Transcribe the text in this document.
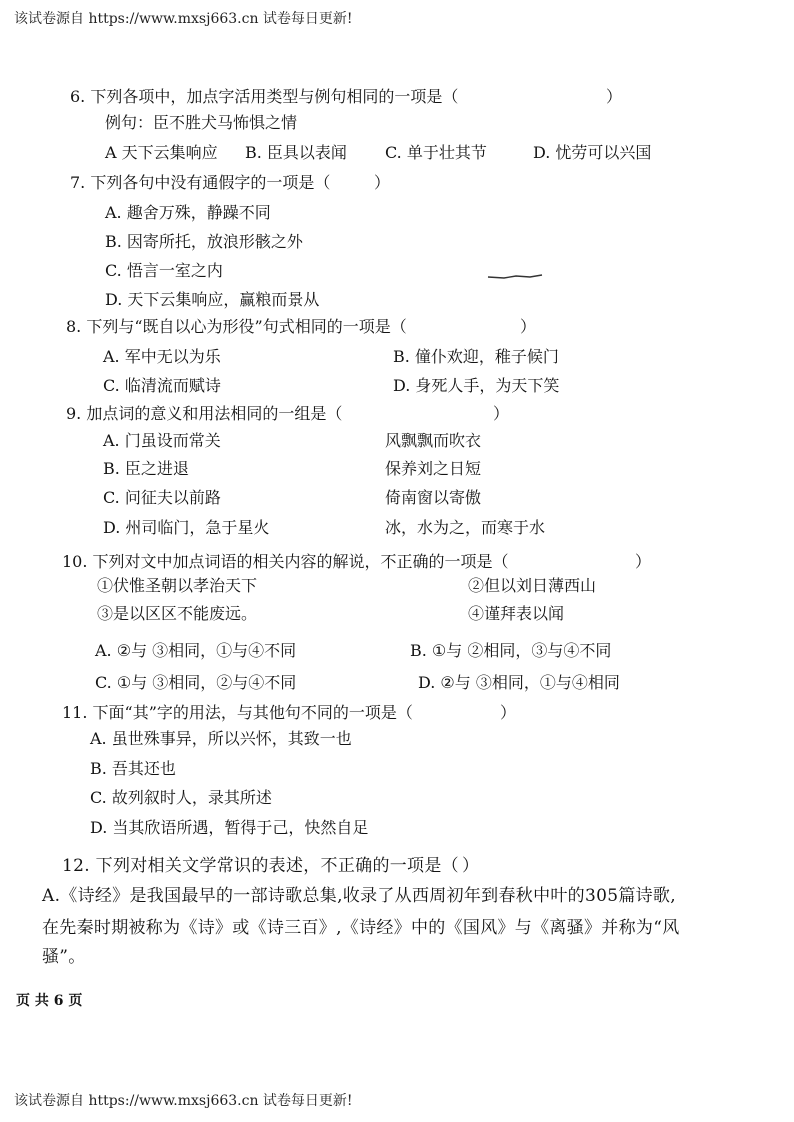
该试卷源自 https://www.mxsj663.cn 试卷每日更新!
6. 下列各项中，加点字活用类型与例句相同的一项是（	）
例句：臣不胜犬马怖惧之情
A 天下云集响应 B. 臣具以表闻 C. 单于壮其节	D. 忧劳可以兴国
7. 下列各句中没有通假字的一项是（	）
A. 趣舍万殊，静躁不同
B. 因寄所托，放浪形骸之外
C. 悟言一室之内
D. 天下云集响应，赢粮而景从
8. 下列与“既自以心为形役”句式相同的一项是（	）
A. 军中无以为乐	B. 僮仆欢迎，稚子候门
C. 临清流而赋诗	D. 身死人手，为天下笑
9. 加点词的意义和用法相同的一组是（	）
A. 门虽设而常关	风飘飘而吹衣
B. 臣之进退	保养刘之日短
C. 问征夫以前路	倚南窗以寄傲
D. 州司临门，急于星火	冰，水为之，而寒于水
10. 下列对文中加点词语的相关内容的解说，不正确的一项是（	）
①伏惟圣朝以孝治天下	②但以刘日薄西山
③是以区区不能废远。	④谨拜表以闻
A. ②与 ③相同，①与④不同	B. ①与 ②相同，③与④不同
C. ①与 ③相同，②与④不同	D. ②与 ③相同，①与④相同
11. 下面“其”字的用法，与其他句不同的一项是（	）
A. 虽世殊事异，所以兴怀，其致一也
B. 吾其还也
C. 故列叙时人，录其所述
D. 当其欣语所遇，暂得于己，快然自足
12. 下列对相关文学常识的表述，不正确的一项是（ ）
A.《诗经》是我国最早的一部诗歌总集,收录了从西周初年到春秋中叶的305篇诗歌,
在先秦时期被称为《诗》或《诗三百》,《诗经》中的《国风》与《离骚》并称为“风
骚”。
页 共 6 页
该试卷源自 https://www.mxsj663.cn 试卷每日更新!
